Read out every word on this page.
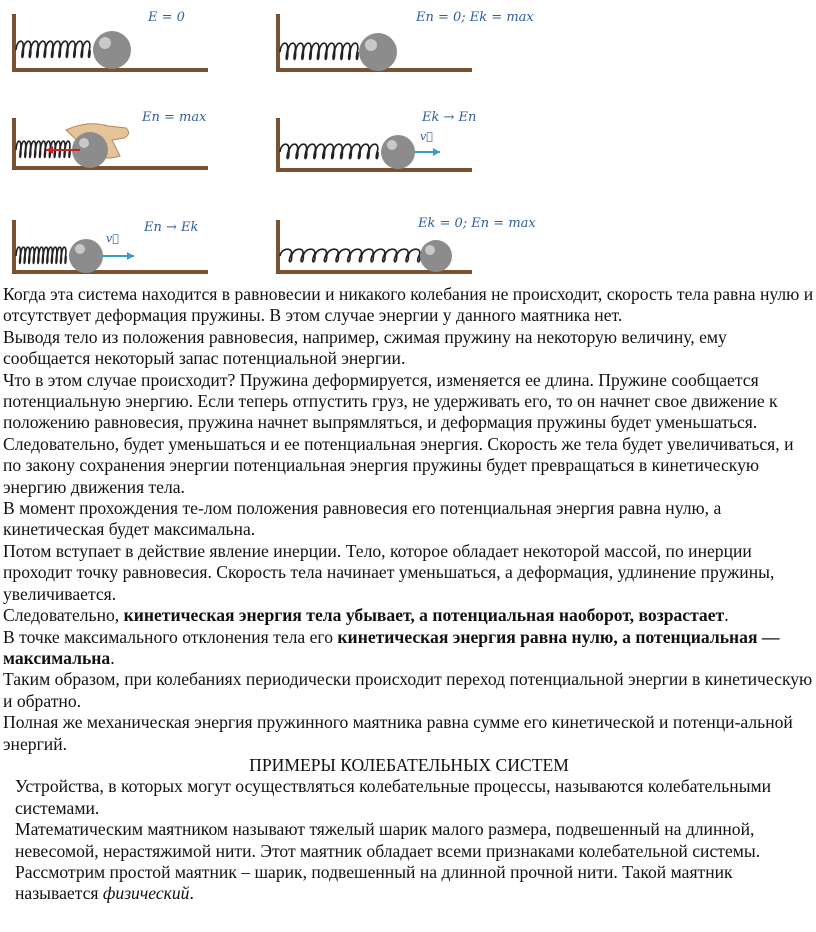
E = 0	Eп = 0; Ek = max
Eп = max
v⃗
Ek → Eп
v⃗
Eп → Ek	Ek = 0; Eп = max

Когда эта система находится в равновесии и никакого колебания не происходит, скорость тела равна нулю и отсутствует деформация пружины. В этом случае энергии у данного маятника нет.

Выводя тело из положения равновесия, например, сжимая пружину на некоторую величину, ему сообщается некоторый запас потенциальной энергии.

Что в этом случае происходит? Пружина деформируется, изменяется ее длина. Пружине сообщается потенциальную энергию. Если теперь отпустить груз, не удерживать его, то он начнет свое движение к положению равновесия, пружина начнет выпрямляться, и деформация пружины будет уменьшаться. Следовательно, будет уменьшаться и ее потенциальная энергия. Скорость же тела будет увеличиваться, и по закону сохранения энергии потенциальная энергия пружины будет превращаться в кинетическую энергию движения тела.

В момент прохождения те-лом положения равновесия его потенциальная энергия равна нулю, а кинетическая будет максимальна.

Потом вступает в действие явление инерции. Тело, которое обладает некоторой массой, по инерции проходит точку равновесия. Скорость тела начинает уменьшаться, а деформация, удлинение пружины, увеличивается.

Следовательно, кинетическая энергия тела убывает, а потенциальная наоборот, возрастает.

В точке максимального отклонения тела его кинетическая энергия равна нулю, а потенциальная — максимальна.

Таким образом, при колебаниях периодически происходит переход потенциальной энергии в кинетическую и обратно.

Полная же механическая энергия пружинного маятника равна сумме его кинетической и потенци-альной энергий.

ПРИМЕРЫ КОЛЕБАТЕЛЬНЫХ СИСТЕМ

Устройства, в которых могут осуществляться колебательные процессы, называются колебательными системами.

Математическим маятником называют тяжелый шарик малого размера, подвешенный на длинной, невесомой, нерастяжимой нити. Этот маятник обладает всеми признаками колебательной системы.

Рассмотрим простой маятник – шарик, подвешенный на длинной прочной нити. Такой маятник называется физический.
